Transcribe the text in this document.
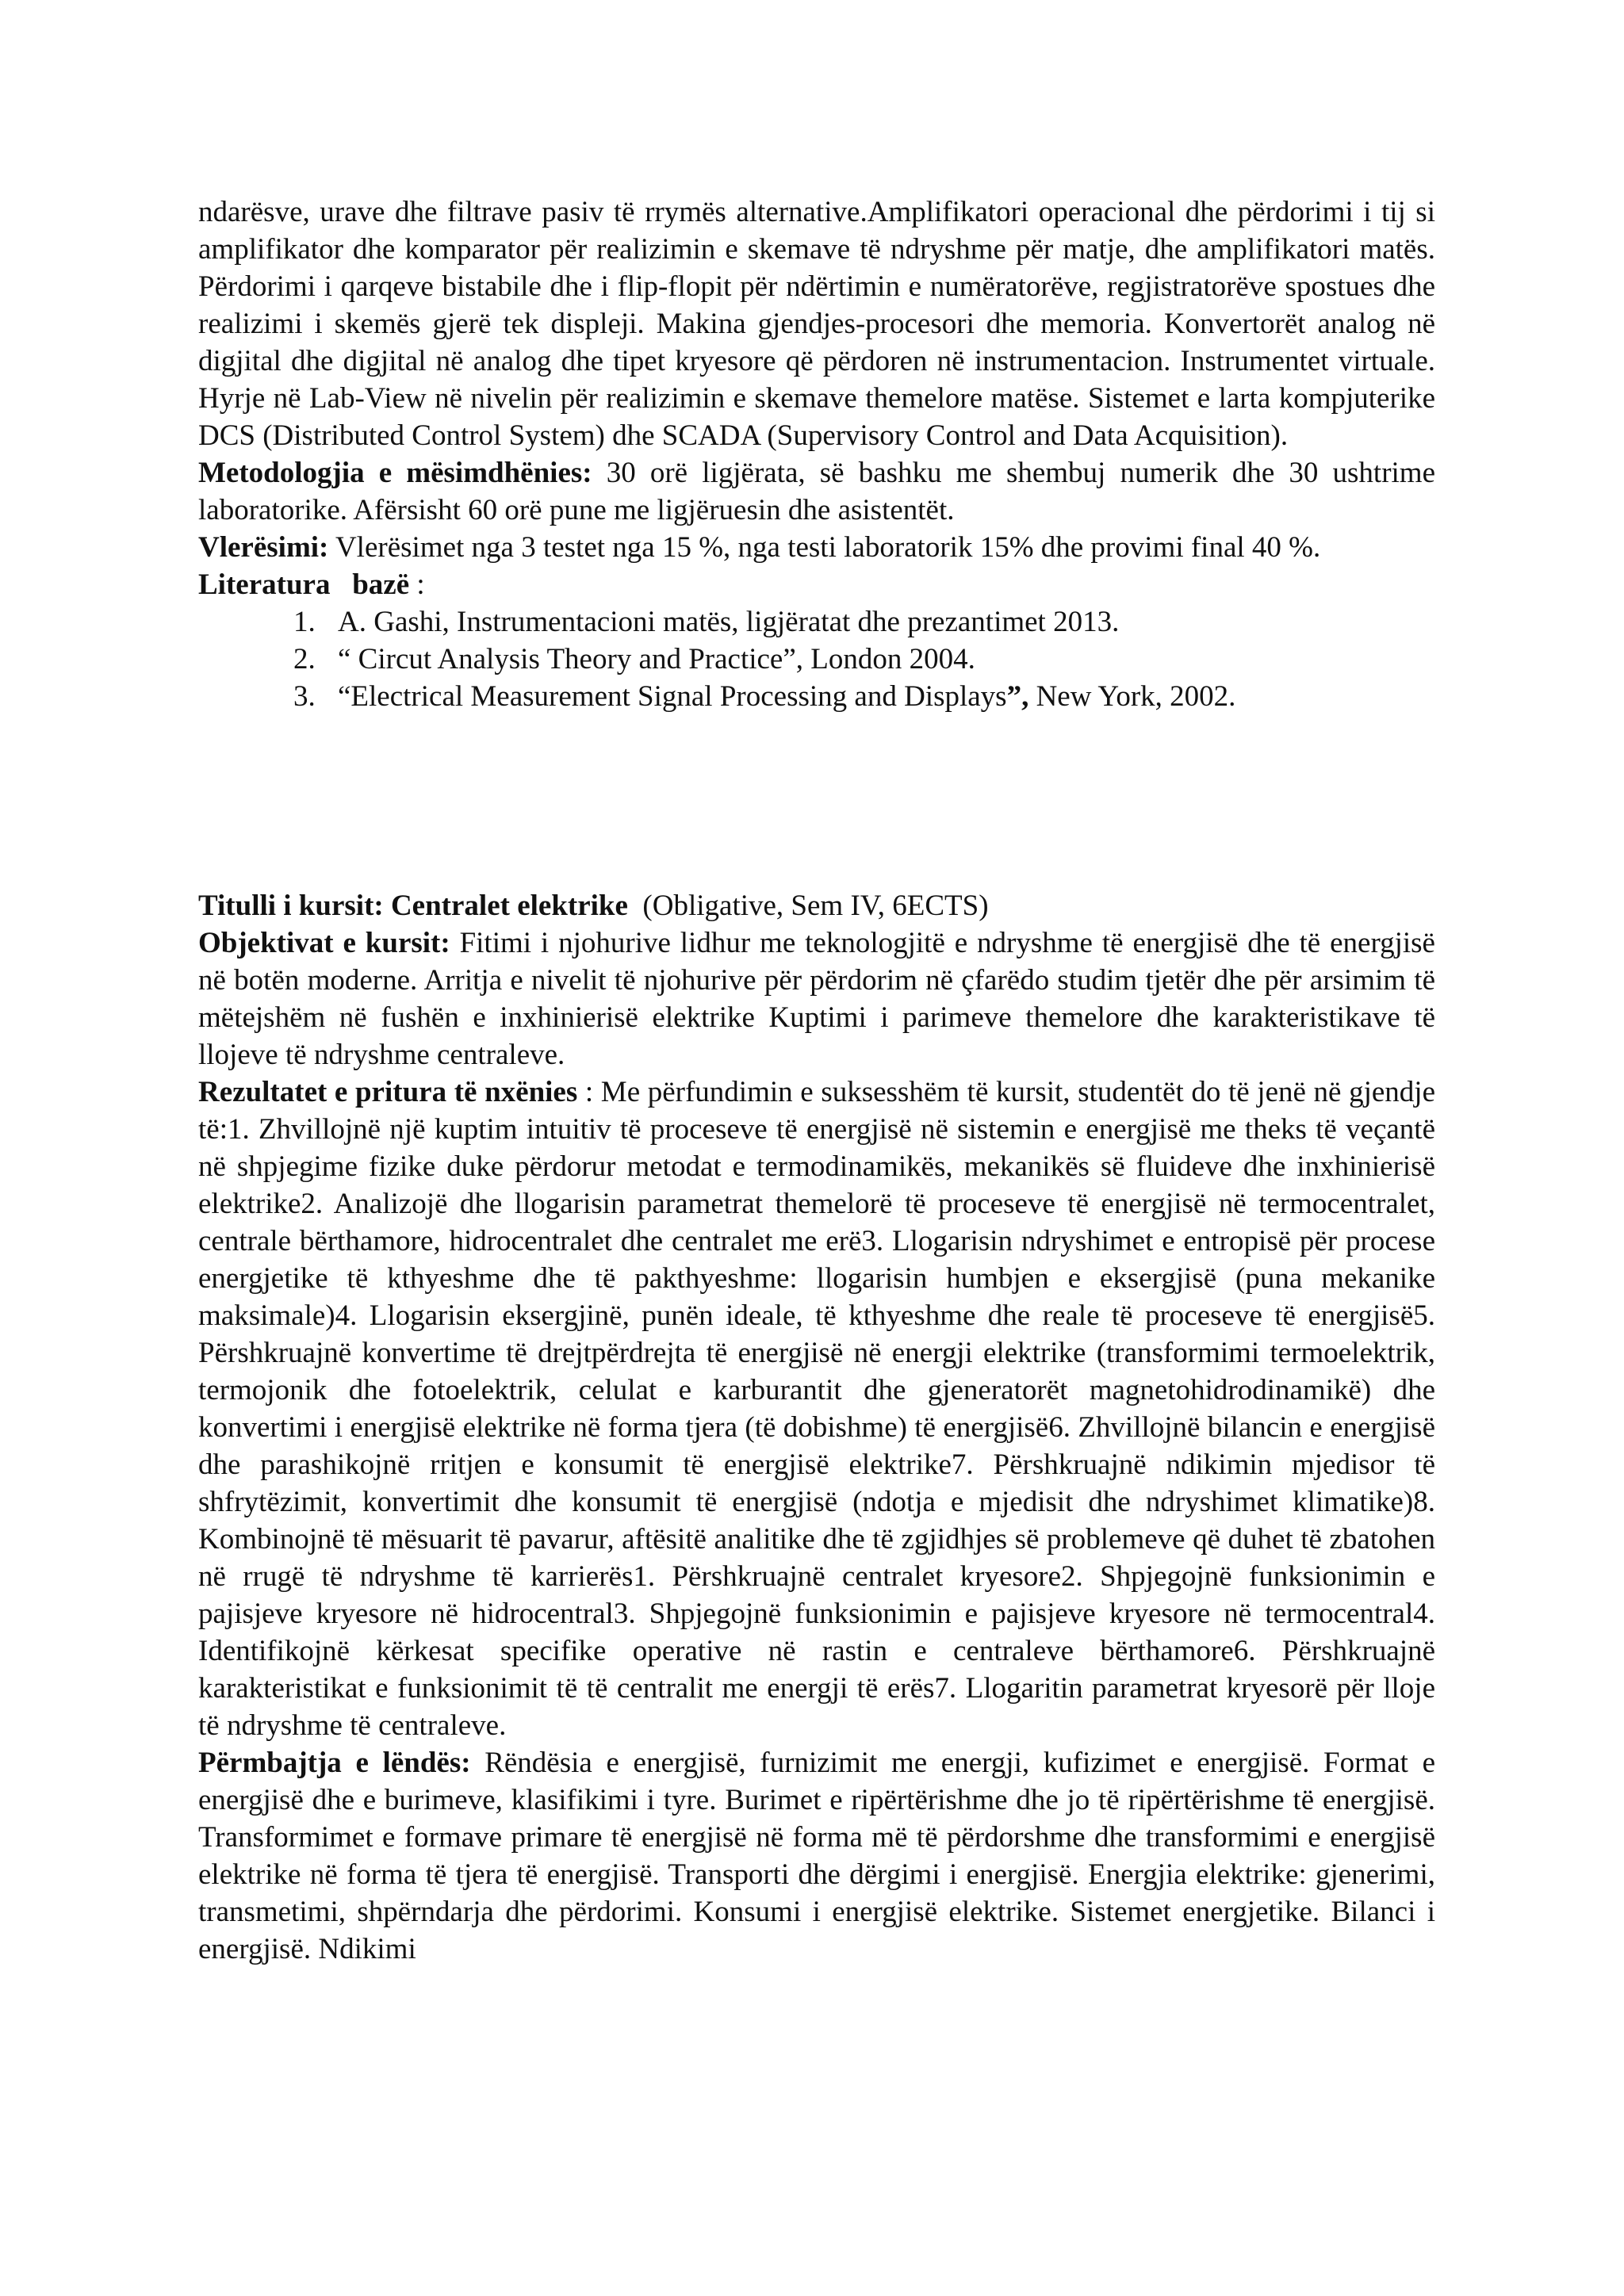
ndarësve, urave dhe filtrave pasiv të rrymës alternative.Amplifikatori operacional dhe përdorimi i tij si amplifikator dhe komparator për realizimin e skemave të ndryshme për matje, dhe amplifikatori matës. Përdorimi i qarqeve bistabile dhe i flip-flopit për ndërtimin e numëratorëve, regjistratorëve spostues dhe realizimi i skemës gjerë tek displeji. Makina gjendjes-procesori dhe memoria. Konvertorët analog në digjital dhe digjital në analog dhe tipet kryesore që përdoren në instrumentacion. Instrumentet virtuale. Hyrje në Lab-View në nivelin për realizimin e skemave themelore matëse. Sistemet e larta kompjuterike DCS (Distributed Control System) dhe SCADA (Supervisory Control and Data Acquisition).

Metodologjia e mësimdhënies: 30 orë ligjërata, së bashku me shembuj numerik dhe 30 ushtrime laboratorike. Afërsisht 60 orë pune me ligjëruesin dhe asistentët.

Vlerësimi: Vlerësimet nga 3 testet nga 15 %, nga testi laboratorik 15% dhe provimi final 40 %.

Literatura   bazë :

1. A. Gashi, Instrumentacioni matës, ligjëratat dhe prezantimet 2013.
2. “ Circut Analysis Theory and Practice”, London 2004.
3. “Electrical Measurement Signal Processing and Displays”, New York, 2002.

Titulli i kursit: Centralet elektrike  (Obligative, Sem IV, 6ECTS)

Objektivat e kursit: Fitimi i njohurive lidhur me teknologjitë e ndryshme të energjisë dhe të energjisë në botën moderne. Arritja e nivelit të njohurive për përdorim në çfarëdo studim tjetër dhe për arsimim të mëtejshëm në fushën e inxhinierisë elektrike Kuptimi i parimeve themelore dhe karakteristikave të llojeve të ndryshme centraleve.

Rezultatet e pritura të nxënies : Me përfundimin e suksesshëm të kursit, studentët do të jenë në gjendje të:1. Zhvillojnë një kuptim intuitiv të proceseve të energjisë në sistemin e energjisë me theks të veçantë në shpjegime fizike duke përdorur metodat e termodinamikës, mekanikës së fluideve dhe inxhinierisë elektrike2. Analizojë dhe llogarisin parametrat themelorë të proceseve të energjisë në termocentralet, centrale bërthamore, hidrocentralet dhe centralet me erë3. Llogarisin ndryshimet e entropisë për procese energjetike të kthyeshme dhe të pakthyeshme: llogarisin humbjen e eksergjisë (puna mekanike maksimale)4. Llogarisin eksergjinë, punën ideale, të kthyeshme dhe reale të proceseve të energjisë5. Përshkruajnë konvertime të drejtpërdrejta të energjisë në energji elektrike (transformimi termoelektrik, termojonik dhe fotoelektrik, celulat e karburantit dhe gjeneratorët magnetohidrodinamikë) dhe konvertimi i energjisë elektrike në forma tjera (të dobishme) të energjisë6. Zhvillojnë bilancin e energjisë dhe parashikojnë rritjen e konsumit të energjisë elektrike7. Përshkruajnë ndikimin mjedisor të shfrytëzimit, konvertimit dhe konsumit të energjisë (ndotja e mjedisit dhe ndryshimet klimatike)8. Kombinojnë të mësuarit të pavarur, aftësitë analitike dhe të zgjidhjes së problemeve që duhet të zbatohen në rrugë të ndryshme të karrierës1. Përshkruajnë centralet kryesore2. Shpjegojnë funksionimin e pajisjeve kryesore në hidrocentral3. Shpjegojnë funksionimin e pajisjeve kryesore në termocentral4. Identifikojnë kërkesat specifike operative në rastin e centraleve bërthamore6. Përshkruajnë karakteristikat e funksionimit të të centralit me energji të erës7. Llogaritin parametrat kryesorë për lloje të ndryshme të centraleve.

Përmbajtja e lëndës: Rëndësia e energjisë, furnizimit me energji, kufizimet e energjisë. Format e energjisë dhe e burimeve, klasifikimi i tyre. Burimet e ripërtërishme dhe jo të ripërtërishme të energjisë. Transformimet e formave primare të energjisë në forma më të përdorshme dhe transformimi e energjisë elektrike në forma të tjera të energjisë. Transporti dhe dërgimi i energjisë. Energjia elektrike: gjenerimi, transmetimi, shpërndarja dhe përdorimi. Konsumi i energjisë elektrike. Sistemet energjetike. Bilanci i energjisë. Ndikimi
